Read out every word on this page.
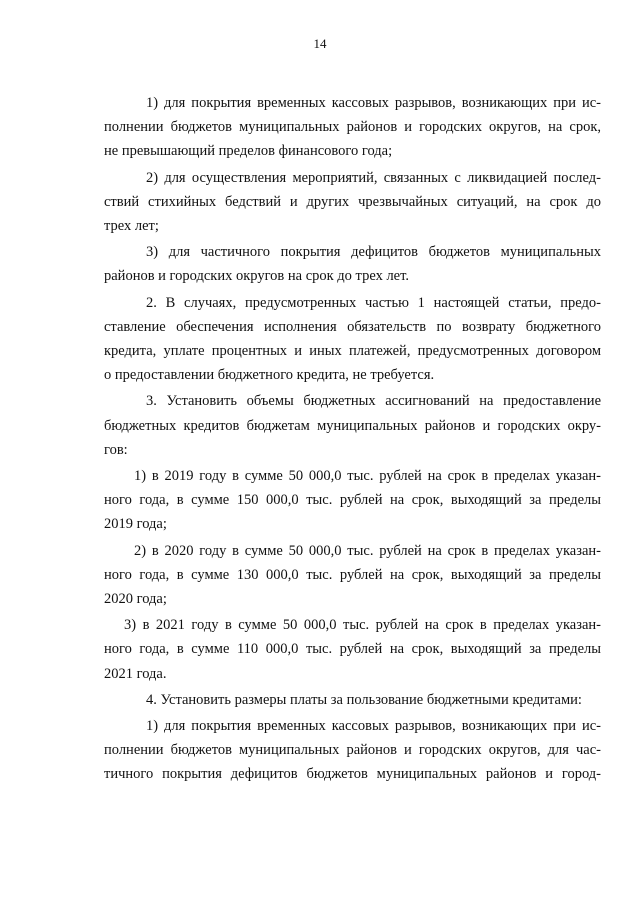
14

1) для покрытия временных кассовых разрывов, возникающих при ис-
полнении бюджетов муниципальных районов и городских округов, на срок,
не превышающий пределов финансового года;

2) для осуществления мероприятий, связанных с ликвидацией послед-
ствий стихийных бедствий и других чрезвычайных ситуаций, на срок до
трех лет;

3) для частичного покрытия дефицитов бюджетов муниципальных
районов и городских округов на срок до трех лет.

2. В случаях, предусмотренных частью 1 настоящей статьи, предо-
ставление обеспечения исполнения обязательств по возврату бюджетного
кредита, уплате процентных и иных платежей, предусмотренных договором
о предоставлении бюджетного кредита, не требуется.

3. Установить объемы бюджетных ассигнований на предоставление
бюджетных кредитов бюджетам муниципальных районов и городских окру-
гов:

1) в 2019 году в сумме 50 000,0 тыс. рублей на срок в пределах указан-
ного года, в сумме 150 000,0 тыс. рублей на срок, выходящий за пределы
2019 года;

2) в 2020 году в сумме 50 000,0 тыс. рублей на срок в пределах указан-
ного года, в сумме 130 000,0 тыс. рублей на срок, выходящий за пределы
2020 года;

3) в 2021 году в сумме 50 000,0 тыс. рублей на срок в пределах указан-
ного года, в сумме 110 000,0 тыс. рублей на срок, выходящий за пределы
2021 года.

4. Установить размеры платы за пользование бюджетными кредитами:

1) для покрытия временных кассовых разрывов, возникающих при ис-
полнении бюджетов муниципальных районов и городских округов, для час-
тичного покрытия дефицитов бюджетов муниципальных районов и город-
